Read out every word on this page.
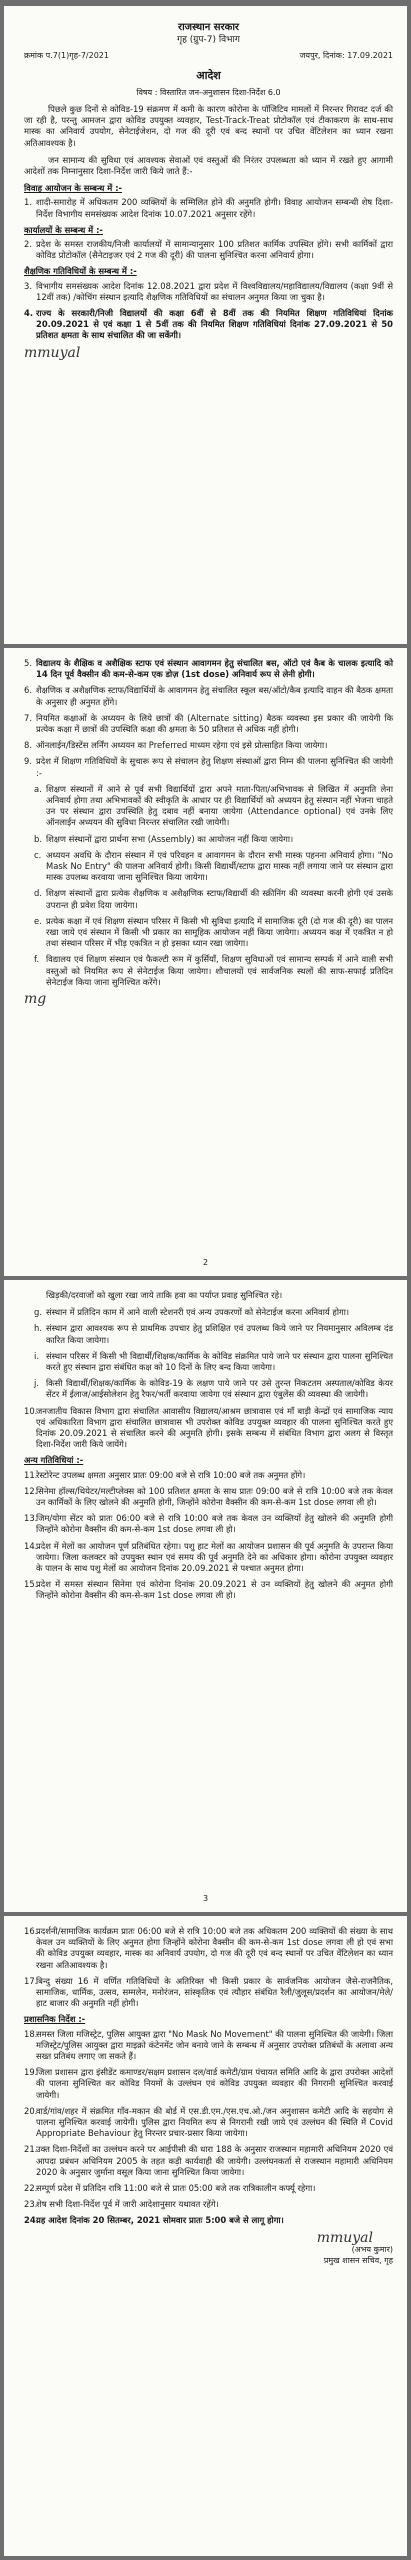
राजस्थान सरकार
गृह (ग्रुप-7) विभाग
क्रमांक प.7(1)गृह-7/2021	जयपुर, दिनांक: 17.09.2021
आदेश
विषय : विस्तारित जन-अनुशासन दिशा-निर्देश 6.0

पिछले कुछ दिनों से कोविड-19 संक्रमण में कमी के कारण कोरोना के पॉजिटिव मामलों में निरन्तर गिरावट दर्ज की जा रही है, परन्तु आमजन द्वारा कोविड उपयुक्त व्यवहार, Test-Track-Treat प्रोटोकॉल एवं टीकाकरण के साथ-साथ मास्क का अनिवार्य उपयोग, सेनेटाईजेशन, दो गज की दूरी एवं बन्द स्थानों पर उचित वेंटिलेशन का ध्यान रखना अतिआवश्यक है।

जन सामान्य की सुविधा एवं आवश्यक सेवाओं एवं वस्तुओं की निरंतर उपलब्धता को ध्यान में रखते हुए आगामी आदेशों तक निम्नानुसार दिशा-निर्देश जारी किये जाते हैं:-

विवाह आयोजन के सम्बन्ध में :-
1. शादी-समारोह में अधिकतम 200 व्यक्तियों के सम्मिलित होने की अनुमति होगी। विवाह आयोजन सम्बन्धी शेष दिशा-निर्देश विभागीय समसंख्यक आदेश दिनांक 10.07.2021 अनुसार रहेंगे।
कार्यालयों के सम्बन्ध में :-
2. प्रदेश के समस्त राजकीय/निजी कार्यालयों में सामान्यानुसार 100 प्रतिशत कार्मिक उपस्थित होंगे। सभी कार्मिकों द्वारा कोविड प्रोटोकॉल (सैनेटाइजर एवं 2 गज की दूरी) की पालना सुनिश्चित करना अनिवार्य होगा।
शैक्षणिक गतिविधियों के सम्बन्ध में :-
3. विभागीय समसंख्यक आदेश दिनांक 12.08.2021 द्वारा प्रदेश में विश्वविद्यालय/महाविद्यालय/विद्यालय (कक्षा 9वीं से 12वीं तक) /कोचिंग संस्थान इत्यादि शैक्षणिक गतिविधियों का संचालन अनुमत किया जा चुका है।
4. राज्य के सरकारी/निजी विद्यालयों की कक्षा 6वीं से 8वीं तक की नियमित शिक्षण गतिविधियां दिनांक 20.09.2021 से एवं कक्षा 1 से 5वीं तक की नियमित शिक्षण गतिविधियां दिनांक 27.09.2021 से 50 प्रतिशत क्षमता के साथ संचालित की जा सकेंगी।
mmuyal
5. विद्यालय के शैक्षिक व अशैक्षिक स्टाफ एवं संस्थान आवागमन हेतु संचालित बस, ऑटो एवं कैब के चालक इत्यादि को 14 दिन पूर्व वैक्सीन की कम-से-कम एक डोज़ (1st dose) अनिवार्य रूप से लेनी होगी।
6. शैक्षणिक व अशैक्षणिक स्टाफ/विद्यार्थियों के आवागमन हेतु संचालित स्कूल बस/ऑटो/कैब इत्यादि वाहन की बैठक क्षमता के अनुसार ही अनुमत होंगे।
7. नियमित कक्षाओं के अध्ययन के लिये छात्रों की (Alternate sitting) बैठक व्यवस्था इस प्रकार की जायेगी कि प्रत्येक कक्षा में छात्रों की उपस्थिति कक्षा की क्षमता के 50 प्रतिशत से अधिक नहीं होगी।
8. ऑनलाईन/डिस्टेंस लर्निंग अध्ययन का Preferred माध्यम रहेगा एवं इसे प्रोत्साहित किया जायेगा।
9. प्रदेश में शिक्षण गतिविधियों के सुचारू रूप से संचालन हेतु शिक्षण संस्थाओं द्वारा निम्न की पालना सुनिश्चित की जायेगी :-
a. शिक्षण संस्थानों में आने से पूर्व सभी विद्यार्थियों द्वारा अपने माता-पिता/अभिभावक से लिखित में अनुमति लेना अनिवार्य होगा तथा अभिभावकों की स्वीकृति के आधार पर ही विद्यार्थियों को अध्ययन हेतु संस्थान नहीं भेजना चाहते उन पर संस्थान द्वारा उपस्थिति हेतु दबाव नहीं बनाया जायेगा (Attendance optional) एवं उनके लिए ऑनलाईन अध्ययन की सुविधा निरन्तर संचालित रखी जायेगी।
b. शिक्षण संस्थानों द्वारा प्रार्थना सभा (Assembly) का आयोजन नहीं किया जायेगा।
c. अध्ययन अवधि के दौरान संस्थान में एवं परिवहन व आवागमन के दौरान सभी मास्क पहनना अनिवार्य होगा। "No Mask No Entry" की पालना अनिवार्य होगी। किसी विद्यार्थी/स्टाफ द्वारा मास्क नहीं लगाया जाने पर संस्थान द्वारा मास्क उपलब्ध करवाया जाना सुनिश्चित किया जायेगा।
d. शिक्षण संस्थानों द्वारा प्रत्येक शैक्षणिक व अशैक्षणिक स्टाफ/विद्यार्थी की स्क्रीनिंग की व्यवस्था करनी होगी एवं उसके उपरान्त ही प्रवेश दिया जायेगा।
e. प्रत्येक कक्षा में एवं शिक्षण संस्थान परिसर में किसी भी सुविधा इत्यादि में सामाजिक दूरी (दो गज की दूरी) का पालन रखा जाये एवं संस्थान में किसी भी प्रकार का सामूहिक आयोजन नहीं किया जायेगा। अध्ययन कक्ष में एकत्रित न हो तथा संस्थान परिसर में भीड़ एकत्रित न हो इसका ध्यान रखा जायेगा।
f. विद्यालय एवं शिक्षण संस्थान एवं फैकल्टी रूम में कुर्सियाँ, शिक्षण सुविधाओं एवं सामान्य सम्पर्क में आने वाली सभी वस्तुओं को नियमित रूप से सेनेटाईज किया जायेगा। शौचालयों एवं सार्वजनिक स्थलों की साफ-सफाई प्रतिदिन सेनेटाईज किया जाना सुनिश्चित करेंगे।
mg
2

खिड़की/दरवाजों को खुला रखा जाये ताकि हवा का पर्याप्त प्रवाह सुनिश्चित रहे।

g. संस्थान में प्रतिदिन काम में आने वाली स्टेशनरी एवं अन्य उपकरणों को सेनेटाईज करना अनिवार्य होगा।
h. संस्थान द्वारा आवश्यक रूप से प्राथमिक उपचार हेतु प्रशिक्षित एवं उपलब्ध किये जाने पर नियमानुसार अविलम्ब दंड कारित किया जायेगा।
i. संस्थान परिसर में किसी भी विद्यार्थी/शिक्षक/कार्मिक के कोविड संक्रमित पाये जाने पर संस्थान द्वारा पालना सुनिश्चित करते हुए संस्थान द्वारा संबंधित कक्ष को 10 दिनों के लिए बन्द किया जायेगा।
j. किसी विद्यार्थी/शिक्षक/कार्मिक के कोविड-19 के लक्षण पाये जाने पर उसे तुरन्त निकटतम अस्पताल/कोविड केयर सेंटर में ईलाज/आईसोलेशन हेतु रैफर/भर्ती करवाया जायेगा एवं संस्थान द्वारा एंबुलेंस की व्यवस्था की जायेगी।
10.
जनजातीय विकास विभाग द्वारा संचालित आवासीय विद्यालय/आश्रम छात्रावास एवं माँ बाड़ी केन्द्रों एवं सामाजिक न्याय एवं अधिकारिता विभाग द्वारा संचालित छात्रावास भी उपरोक्त कोविड उपयुक्त व्यवहार की पालना सुनिश्चित करते हुए दिनांक 20.09.2021 से संचालित करने की अनुमति होगी। इसके सम्बन्ध में संबंधित विभाग द्वारा अलग से विस्तृत दिशा-निर्देश जारी किये जायेंगे।
अन्य गतिविधियां :-
11.
रेस्टोरेन्ट उपलब्ध क्षमता अनुसार प्रातः 09:00 बजे से रात्रि 10:00 बजे तक अनुमत होंगे।
12.
सिनेमा हॉल्स/थियेटर/मल्टीप्लेक्स को 100 प्रतिशत क्षमता के साथ प्रातः 09:00 बजे से रात्रि 10:00 बजे तक केवल उन कार्मिकों के लिए खोलने की अनुमति होगी, जिन्होंने कोरोना वैक्सीन की कम-से-कम 1st dose लगवा ली हो।
13.
जिम/योगा सेंटर को प्रातः 06:00 बजे से रात्रि 10:00 बजे तक केवल उन व्यक्तियों हेतु खोलने की अनुमति होगी जिन्होंने कोरोना वैक्सीन की कम-से-कम 1st dose लगवा ली हो।
14.
प्रदेश में मेलों का आयोजन पूर्ण प्रतिबंधित रहेगा। पशु हाट मेलों का आयोजन प्रशासन की पूर्व अनुमति के उपरान्त किया जायेगा। जिला कलक्टर को उपयुक्त स्थान एवं समय की पूर्व अनुमति देने का अधिकार होगा। कोरोना उपयुक्त व्यवहार के पालन के साथ पशु मेलों का आयोजन दिनांक 20.09.2021 से पश्चात अनुमत होगा।
15.
प्रदेश में समस्त संस्थान सिनेमा एवं कोरोना दिनांक 20.09.2021 से उन व्यक्तियों हेतु खोलने की अनुमत होगी जिन्होंने कोरोना वैक्सीन की कम-से-कम 1st dose लगवा ली हो।
3
16.
प्रदर्शनी/सामाजिक कार्यक्रम प्रातः 06:00 बजे से रात्रि 10:00 बजे तक अधिकतम 200 व्यक्तियों की संख्या के साथ केवल उन व्यक्तियों के लिए अनुमत होगा जिन्होंने कोरोना वैक्सीन की कम-से-कम 1st dose लगवा ली हो एवं सभा की कोविड उपयुक्त व्यवहार, मास्क का अनिवार्य उपयोग, दो गज की दूरी एवं बन्द स्थानों पर उचित वेंटिलेशन का ध्यान रखना अतिआवश्यक है।
17.
बिन्दु संख्या 16 में वर्णित गतिविधियों के अतिरिक्त भी किसी प्रकार के सार्वजनिक आयोजन जैसे-राजनैतिक, सामाजिक, धार्मिक, उत्सव, सम्मलेन, मनोरंजन, सांस्कृतिक एवं त्यौहार संबंधित रैली/जुलूस/प्रदर्शन का आयोजन/मेले/हाट बाजार की अनुमति नहीं होगी।
प्रशासनिक निर्देश :-
18.
समस्त जिला मजिस्ट्रेट, पुलिस आयुक्त द्वारा "No Mask No Movement" की पालना सुनिश्चित की जायेगी। जिला मजिस्ट्रेट/पुलिस आयुक्त द्वारा माइक्रो कंटेनमेंट जोन बनाये जाने के सम्बन्ध में अनुसार उपरोक्त प्रतिबंधों के अलावा अन्य सख्त प्रतिबंध लगाए जा सकते हैं।
19.
जिला प्रशासन द्वारा इंसीडेंट कमाण्डर/सक्षम प्रशासन दल/वार्ड कमेटी/ग्राम पंचायत समिति आदि के द्वारा उपरोक्त आदेशों की पालना सुनिश्चित कर कोविड नियमों के उल्लंघन एवं कोविड उपयुक्त व्यवहार की निगरानी सुनिश्चित करवाई जायेगी।
20.
वार्ड/गांव/शहर में संक्रमित गाँव-मकान की बोर्ड में एस.डी.एम./एस.एच.ओ./जन अनुशासन कमेटी आदि के सहयोग से पालना सुनिश्चित करवाई जायेगी। पुलिस द्वारा नियमित रूप से निगरानी रखी जाये एवं उल्लंघन की स्थिति में Covid Appropriate Behaviour हेतु निरन्तर प्रचार-प्रसार किया जायेगा।
21.
उक्त दिशा-निर्देशों का उल्लंघन करने पर आईपीसी की धारा 188 के अनुसार राजस्थान महामारी अधिनियम 2020 एवं आपदा प्रबंधन अधिनियम 2005 के तहत कड़ी कार्यवाही की जायेगी। उल्लंघनकर्ता से राजस्थान महामारी अधिनियम 2020 के अनुसार जुर्माना वसूल किया जाना सुनिश्चित किया जायेगा।
22.
सम्पूर्ण प्रदेश में प्रतिदिन रात्रि 11:00 बजे से प्रातः 05:00 बजे तक रात्रिकालीन कर्फ्यू रहेगा।
23.
शेष सभी दिशा-निर्देश पूर्व में जारी आदेशानुसार यथावत रहेंगे।
24.
यह आदेश दिनांक 20 सितम्बर, 2021 सोमवार प्रातः 5:00 बजे से लागू होगा।
mmuyal
(अभय कुमार)
प्रमुख शासन सचिव, गृह
